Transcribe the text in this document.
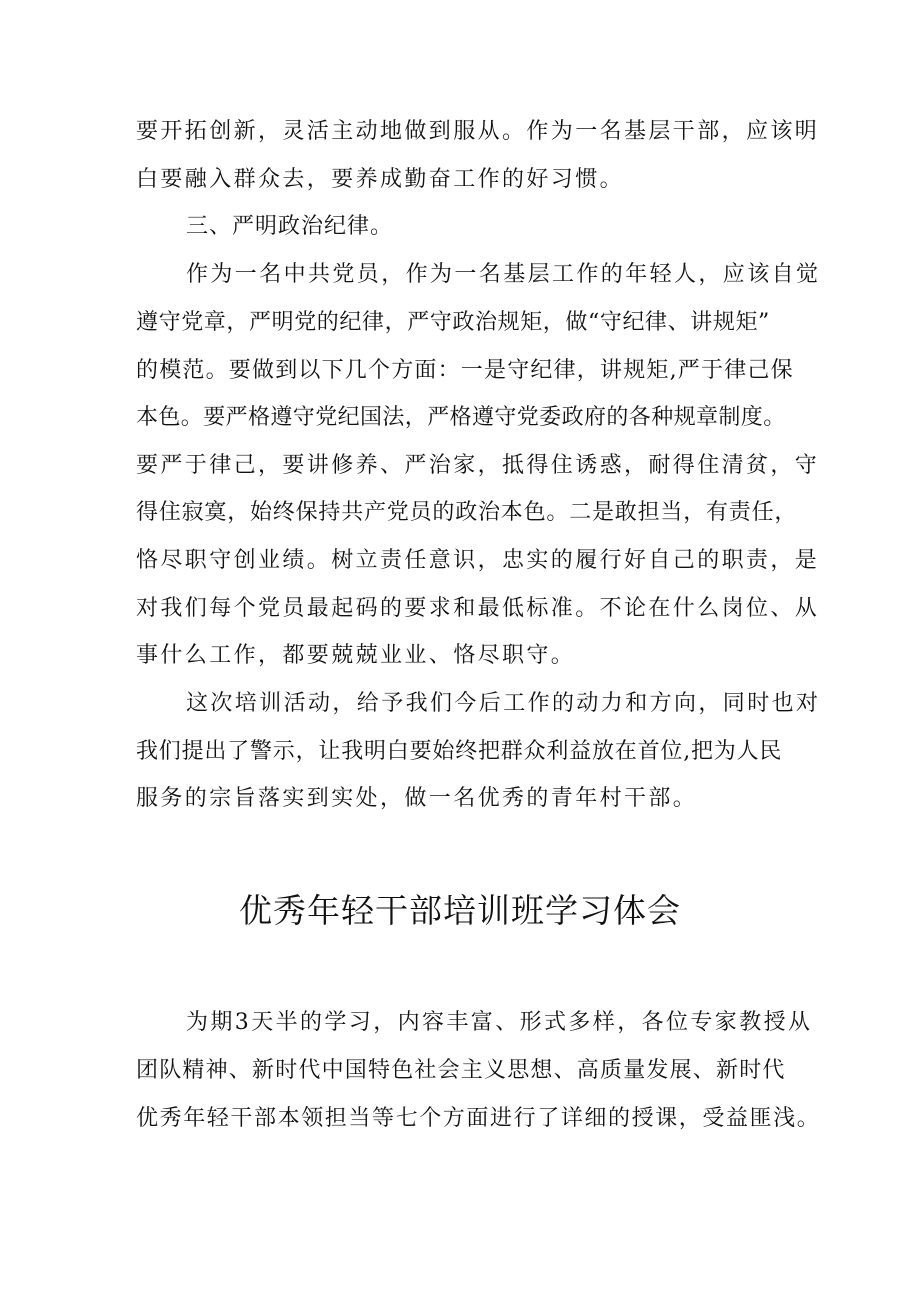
要开拓创新，灵活主动地做到服从。作为一名基层干部，应该明
白要融入群众去，要养成勤奋工作的好习惯。
三、严明政治纪律。
作为一名中共党员，作为一名基层工作的年轻人，应该自觉
遵守党章，严明党的纪律，严守政治规矩，做“守纪律、讲规矩”
的模范。要做到以下几个方面：一是守纪律，讲规矩,严于律己保
本色。要严格遵守党纪国法，严格遵守党委政府的各种规章制度。
要严于律己，要讲修养、严治家，抵得住诱惑，耐得住清贫，守
得住寂寞，始终保持共产党员的政治本色。二是敢担当，有责任，
恪尽职守创业绩。树立责任意识，忠实的履行好自己的职责，是
对我们每个党员最起码的要求和最低标准。不论在什么岗位、从
事什么工作，都要兢兢业业、恪尽职守。
这次培训活动，给予我们今后工作的动力和方向，同时也对
我们提出了警示，让我明白要始终把群众利益放在首位,把为人民
服务的宗旨落实到实处，做一名优秀的青年村干部。
优秀年轻干部培训班学习体会
为期3天半的学习，内容丰富、形式多样，各位专家教授从
团队精神、新时代中国特色社会主义思想、高质量发展、新时代
优秀年轻干部本领担当等七个方面进行了详细的授课，受益匪浅。
